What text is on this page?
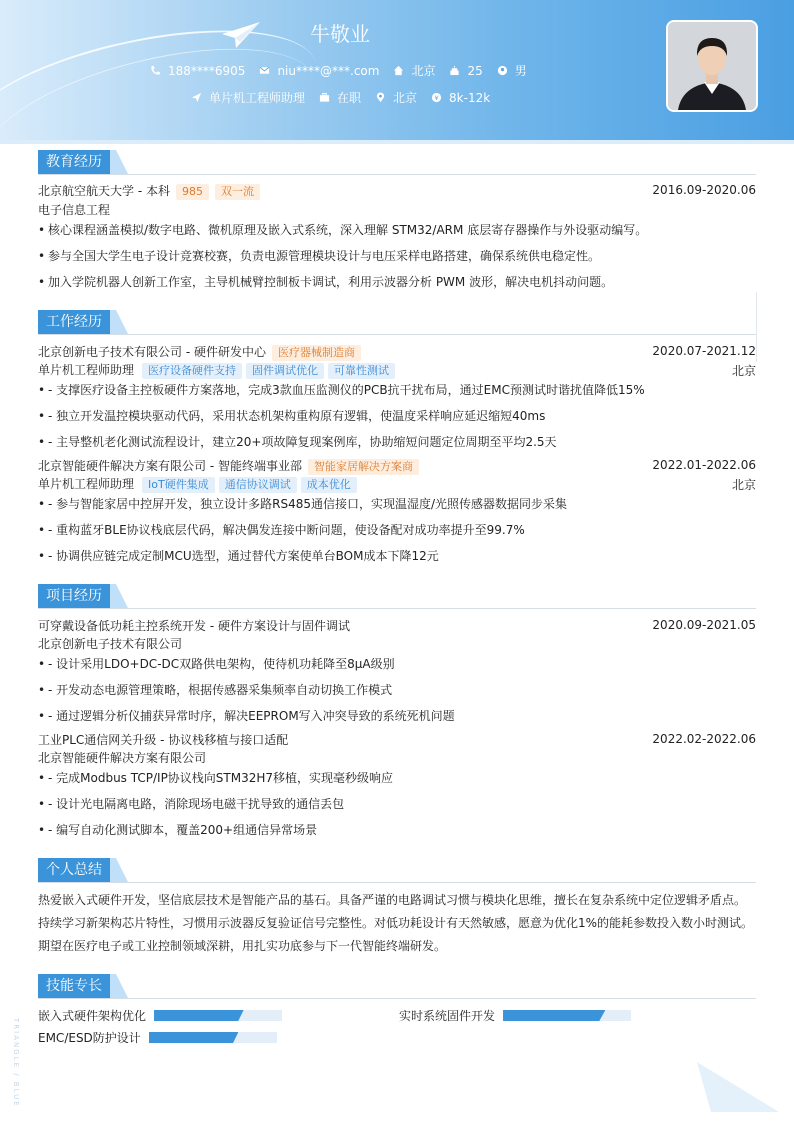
牛敬业
188****6905	niu****@***.com	北京	25	男
单片机工程师助理	在职	北京 ¥ 8k-12k
教育经历
北京航空航天大学 - 本科 985 双一流	2016.09-2020.06
电子信息工程
• 核心课程涵盖模拟/数字电路、微机原理及嵌入式系统，深入理解 STM32/ARM 底层寄存器操作与外设驱动编写。
• 参与全国大学生电子设计竞赛校赛，负责电源管理模块设计与电压采样电路搭建，确保系统供电稳定性。
• 加入学院机器人创新工作室，主导机械臂控制板卡调试，利用示波器分析 PWM 波形，解决电机抖动问题。
工作经历
北京创新电子技术有限公司 - 硬件研发中心 医疗器械制造商	2020.07-2021.12
单片机工程师助理 医疗设备硬件支持 固件调试优化 可靠性测试	北京
• - 支撑医疗设备主控板硬件方案落地，完成3款血压监测仪的PCB抗干扰布局，通过EMC预测试时谐扰值降低15%
• - 独立开发温控模块驱动代码，采用状态机架构重构原有逻辑，使温度采样响应延迟缩短40ms
• - 主导整机老化测试流程设计，建立20+项故障复现案例库，协助缩短问题定位周期至平均2.5天
北京智能硬件解决方案有限公司 - 智能终端事业部 智能家居解决方案商	2022.01-2022.06
单片机工程师助理 IoT硬件集成 通信协议调试 成本优化	北京
• - 参与智能家居中控屏开发，独立设计多路RS485通信接口，实现温湿度/光照传感器数据同步采集
• - 重构蓝牙BLE协议栈底层代码，解决偶发连接中断问题，使设备配对成功率提升至99.7%
• - 协调供应链完成定制MCU选型，通过替代方案使单台BOM成本下降12元
项目经历
可穿戴设备低功耗主控系统开发 - 硬件方案设计与固件调试	2020.09-2021.05
北京创新电子技术有限公司
• - 设计采用LDO+DC-DC双路供电架构，使待机功耗降至8μA级别
• - 开发动态电源管理策略，根据传感器采集频率自动切换工作模式
• - 通过逻辑分析仪捕获异常时序，解决EEPROM写入冲突导致的系统死机问题
工业PLC通信网关升级 - 协议栈移植与接口适配	2022.02-2022.06
北京智能硬件解决方案有限公司
• - 完成Modbus TCP/IP协议栈向STM32H7移植，实现毫秒级响应
• - 设计光电隔离电路，消除现场电磁干扰导致的通信丢包
• - 编写自动化测试脚本，覆盖200+组通信异常场景
个人总结
热爱嵌入式硬件开发，坚信底层技术是智能产品的基石。具备严谨的电路调试习惯与模块化思维，擅长在复杂系统中定位逻辑矛盾点。
持续学习新架构芯片特性，习惯用示波器反复验证信号完整性。对低功耗设计有天然敏感，愿意为优化1%的能耗参数投入数小时测试。
期望在医疗电子或工业控制领域深耕，用扎实功底参与下一代智能终端研发。
技能专长
嵌入式硬件架构优化	实时系统固件开发
EMC/ESD防护设计
TRIANGLE / BLUE
